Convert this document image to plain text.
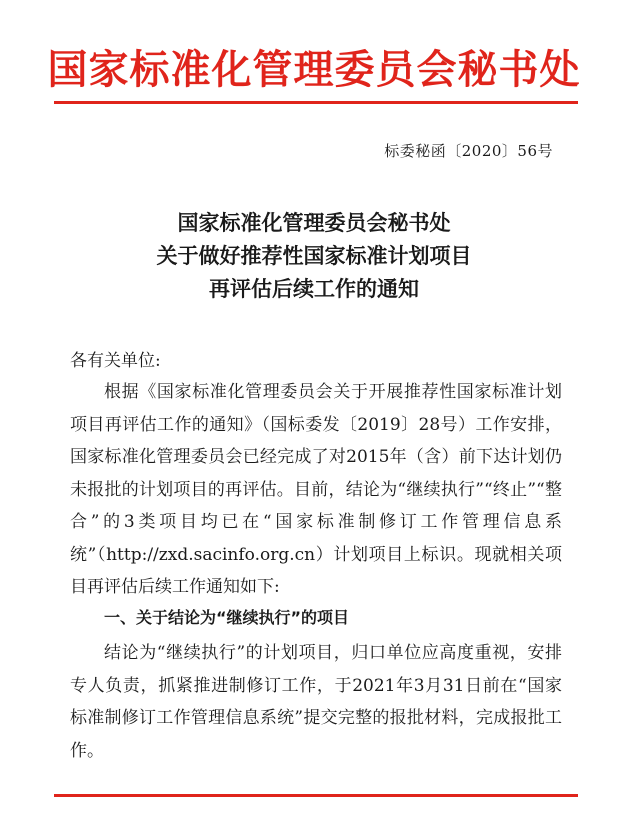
国家标准化管理委员会秘书处
标委秘函〔2020〕56号
国家标准化管理委员会秘书处
关于做好推荐性国家标准计划项目
再评估后续工作的通知
各有关单位:

根据《国家标准化管理委员会关于开展推荐性国家标准计划项目再评估工作的通知》（国标委发〔2019〕28号）工作安排，国家标准化管理委员会已经完成了对2015年（含）前下达计划仍未报批的计划项目的再评估。目前，结论为“继续执行”“终止”“整合”的3类项目均已在“国家标准制修订工作管理信息系统”（http://zxd.sacinfo.org.cn）计划项目上标识。现就相关项目再评估后续工作通知如下:

一、关于结论为“继续执行”的项目

结论为“继续执行”的计划项目，归口单位应高度重视，安排专人负责，抓紧推进制修订工作，于2021年3月31日前在“国家标准制修订工作管理信息系统”提交完整的报批材料，完成报批工作。
